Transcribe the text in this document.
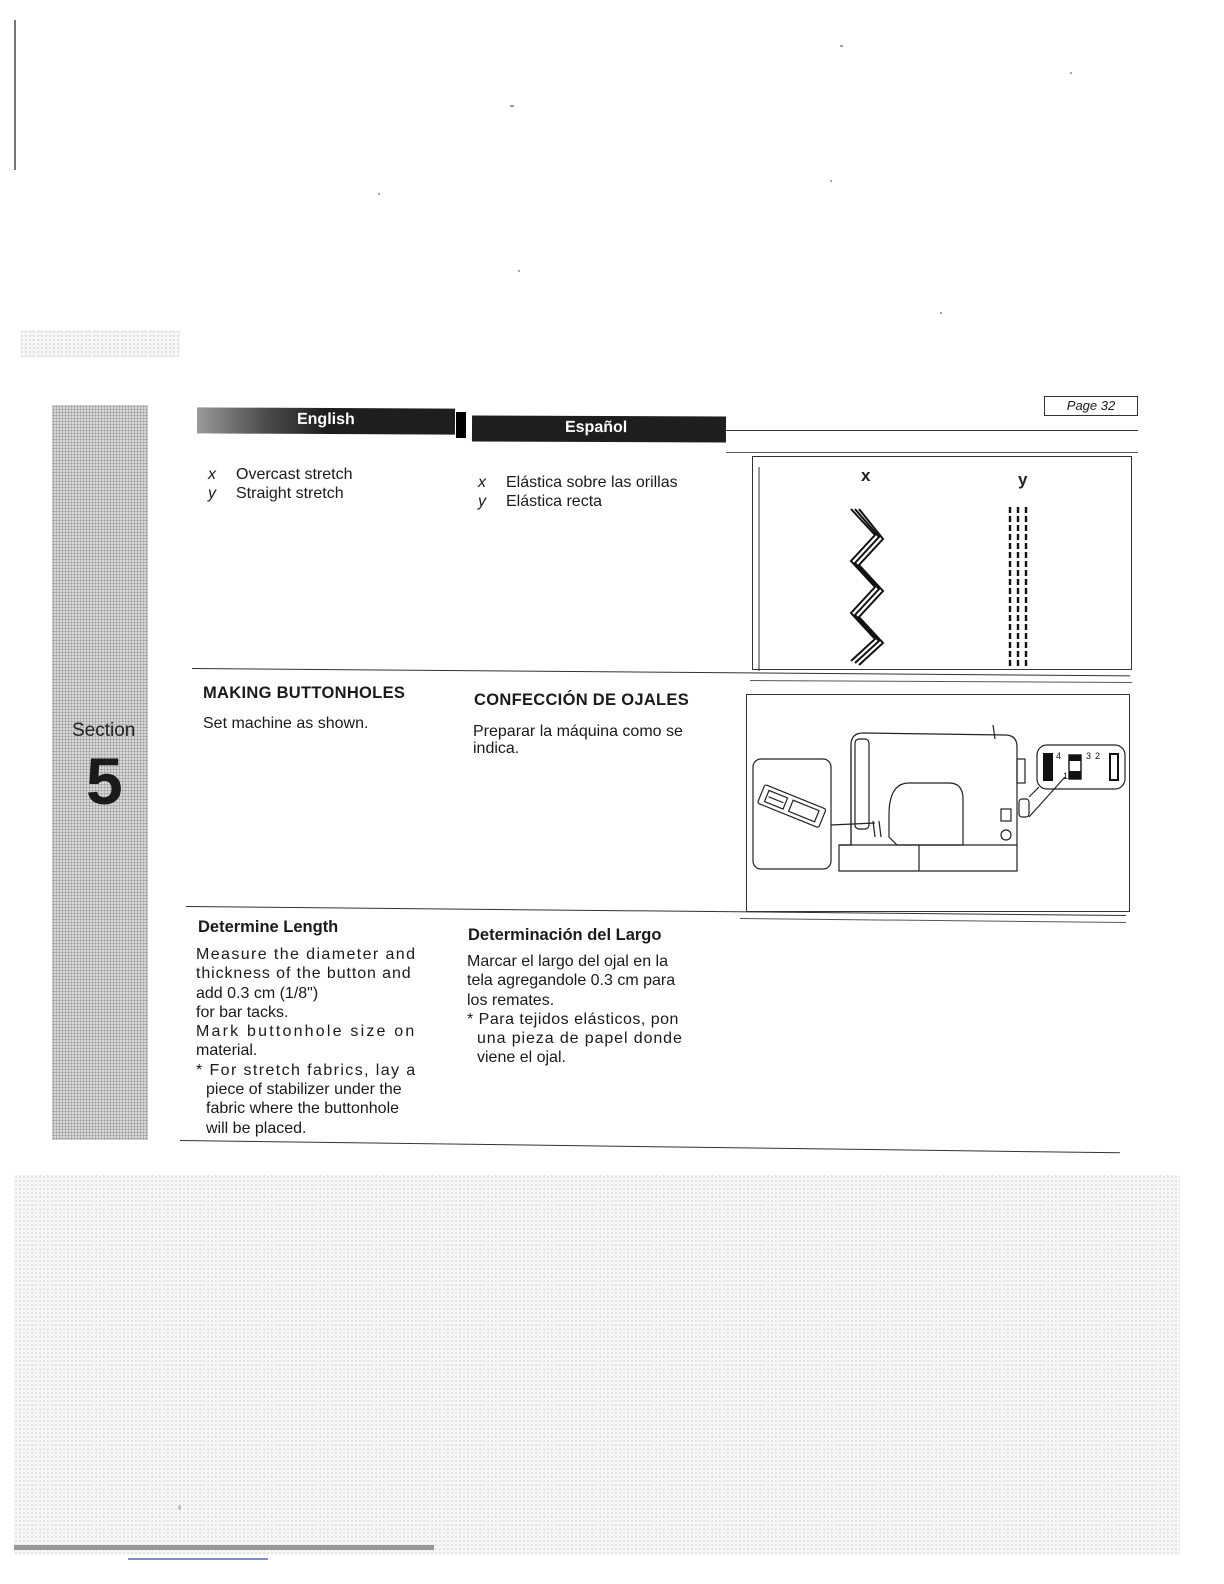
Section
5
Page 32
English	Español
x Overcast stretch
y Straight stretch
x Elástica sobre las orillas
y Elástica recta
x	y
MAKING BUTTONHOLES
Set machine as shown.
CONFECCIÓN DE OJALES
Preparar la máquina como se
indica.	4	3 2
1
Determine Length
Measure the diameter and
thickness of the button and
add 0.3 cm (1/8")
for bar tacks.
Mark buttonhole size on
material.
* For stretch fabrics, lay a
piece of stabilizer under the
fabric where the buttonhole
will be placed.
Determinación del Largo
Marcar el largo del ojal en la
tela agregandole 0.3 cm para
los remates.
* Para tejidos elásticos, pon
una pieza de papel donde
viene el ojal.
